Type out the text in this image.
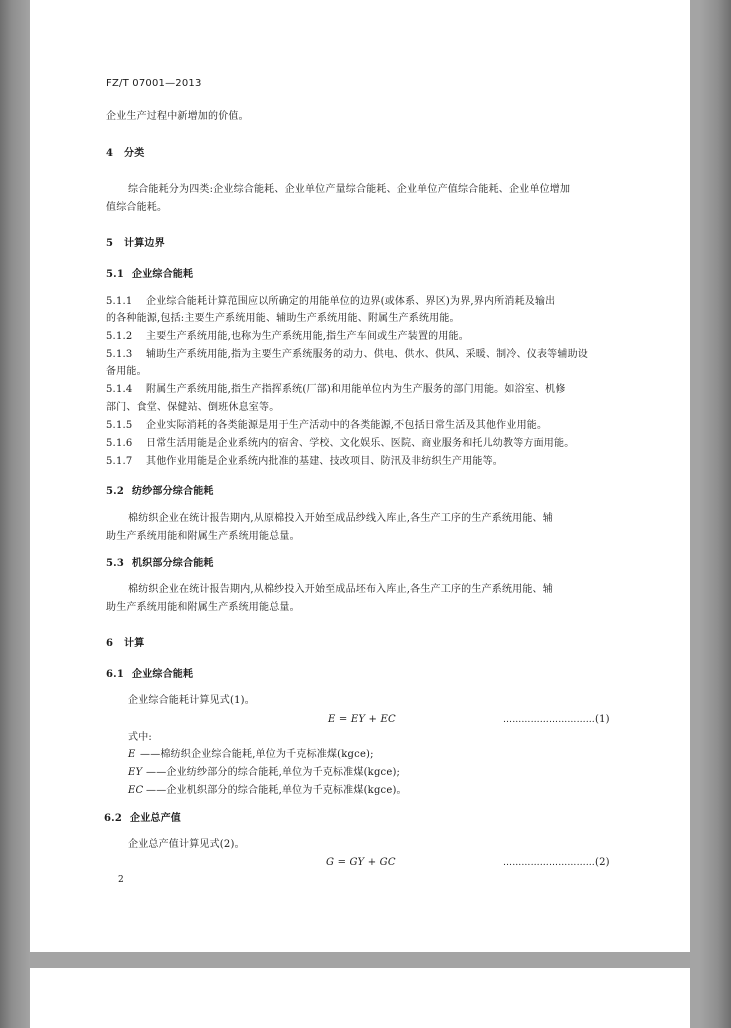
FZ/T 07001—2013
企业生产过程中新增加的价值。
4 分类
综合能耗分为四类:企业综合能耗、企业单位产量综合能耗、企业单位产值综合能耗、企业单位增加
值综合能耗。
5 计算边界
5.1 企业综合能耗
5.1.1 企业综合能耗计算范围应以所确定的用能单位的边界(或体系、界区)为界,界内所消耗及输出
的各种能源,包括:主要生产系统用能、辅助生产系统用能、附属生产系统用能。
5.1.2 主要生产系统用能,也称为生产系统用能,指生产车间或生产装置的用能。
5.1.3 辅助生产系统用能,指为主要生产系统服务的动力、供电、供水、供风、采暖、制冷、仪表等辅助设
备用能。
5.1.4 附属生产系统用能,指生产指挥系统(厂部)和用能单位内为生产服务的部门用能。如浴室、机修
部门、食堂、保健站、倒班休息室等。
5.1.5 企业实际消耗的各类能源是用于生产活动中的各类能源,不包括日常生活及其他作业用能。
5.1.6 日常生活用能是企业系统内的宿舍、学校、文化娱乐、医院、商业服务和托儿幼教等方面用能。
5.1.7 其他作业用能是企业系统内批准的基建、技改项目、防汛及非纺织生产用能等。
5.2 纺纱部分综合能耗
棉纺织企业在统计报告期内,从原棉投入开始至成品纱线入库止,各生产工序的生产系统用能、辅
助生产系统用能和附属生产系统用能总量。
5.3 机织部分综合能耗
棉纺织企业在统计报告期内,从棉纱投入开始至成品坯布入库止,各生产工序的生产系统用能、辅
助生产系统用能和附属生产系统用能总量。
6 计算
6.1 企业综合能耗
企业综合能耗计算见式(1)。
E = EY + EC	………………………… (1)
式中:
E ——棉纺织企业综合能耗,单位为千克标准煤(kgce);
EY ——企业纺纱部分的综合能耗,单位为千克标准煤(kgce);
EC ——企业机织部分的综合能耗,单位为千克标准煤(kgce)。
6.2 企业总产值
企业总产值计算见式(2)。
G = GY + GC	………………………… (2)
2
